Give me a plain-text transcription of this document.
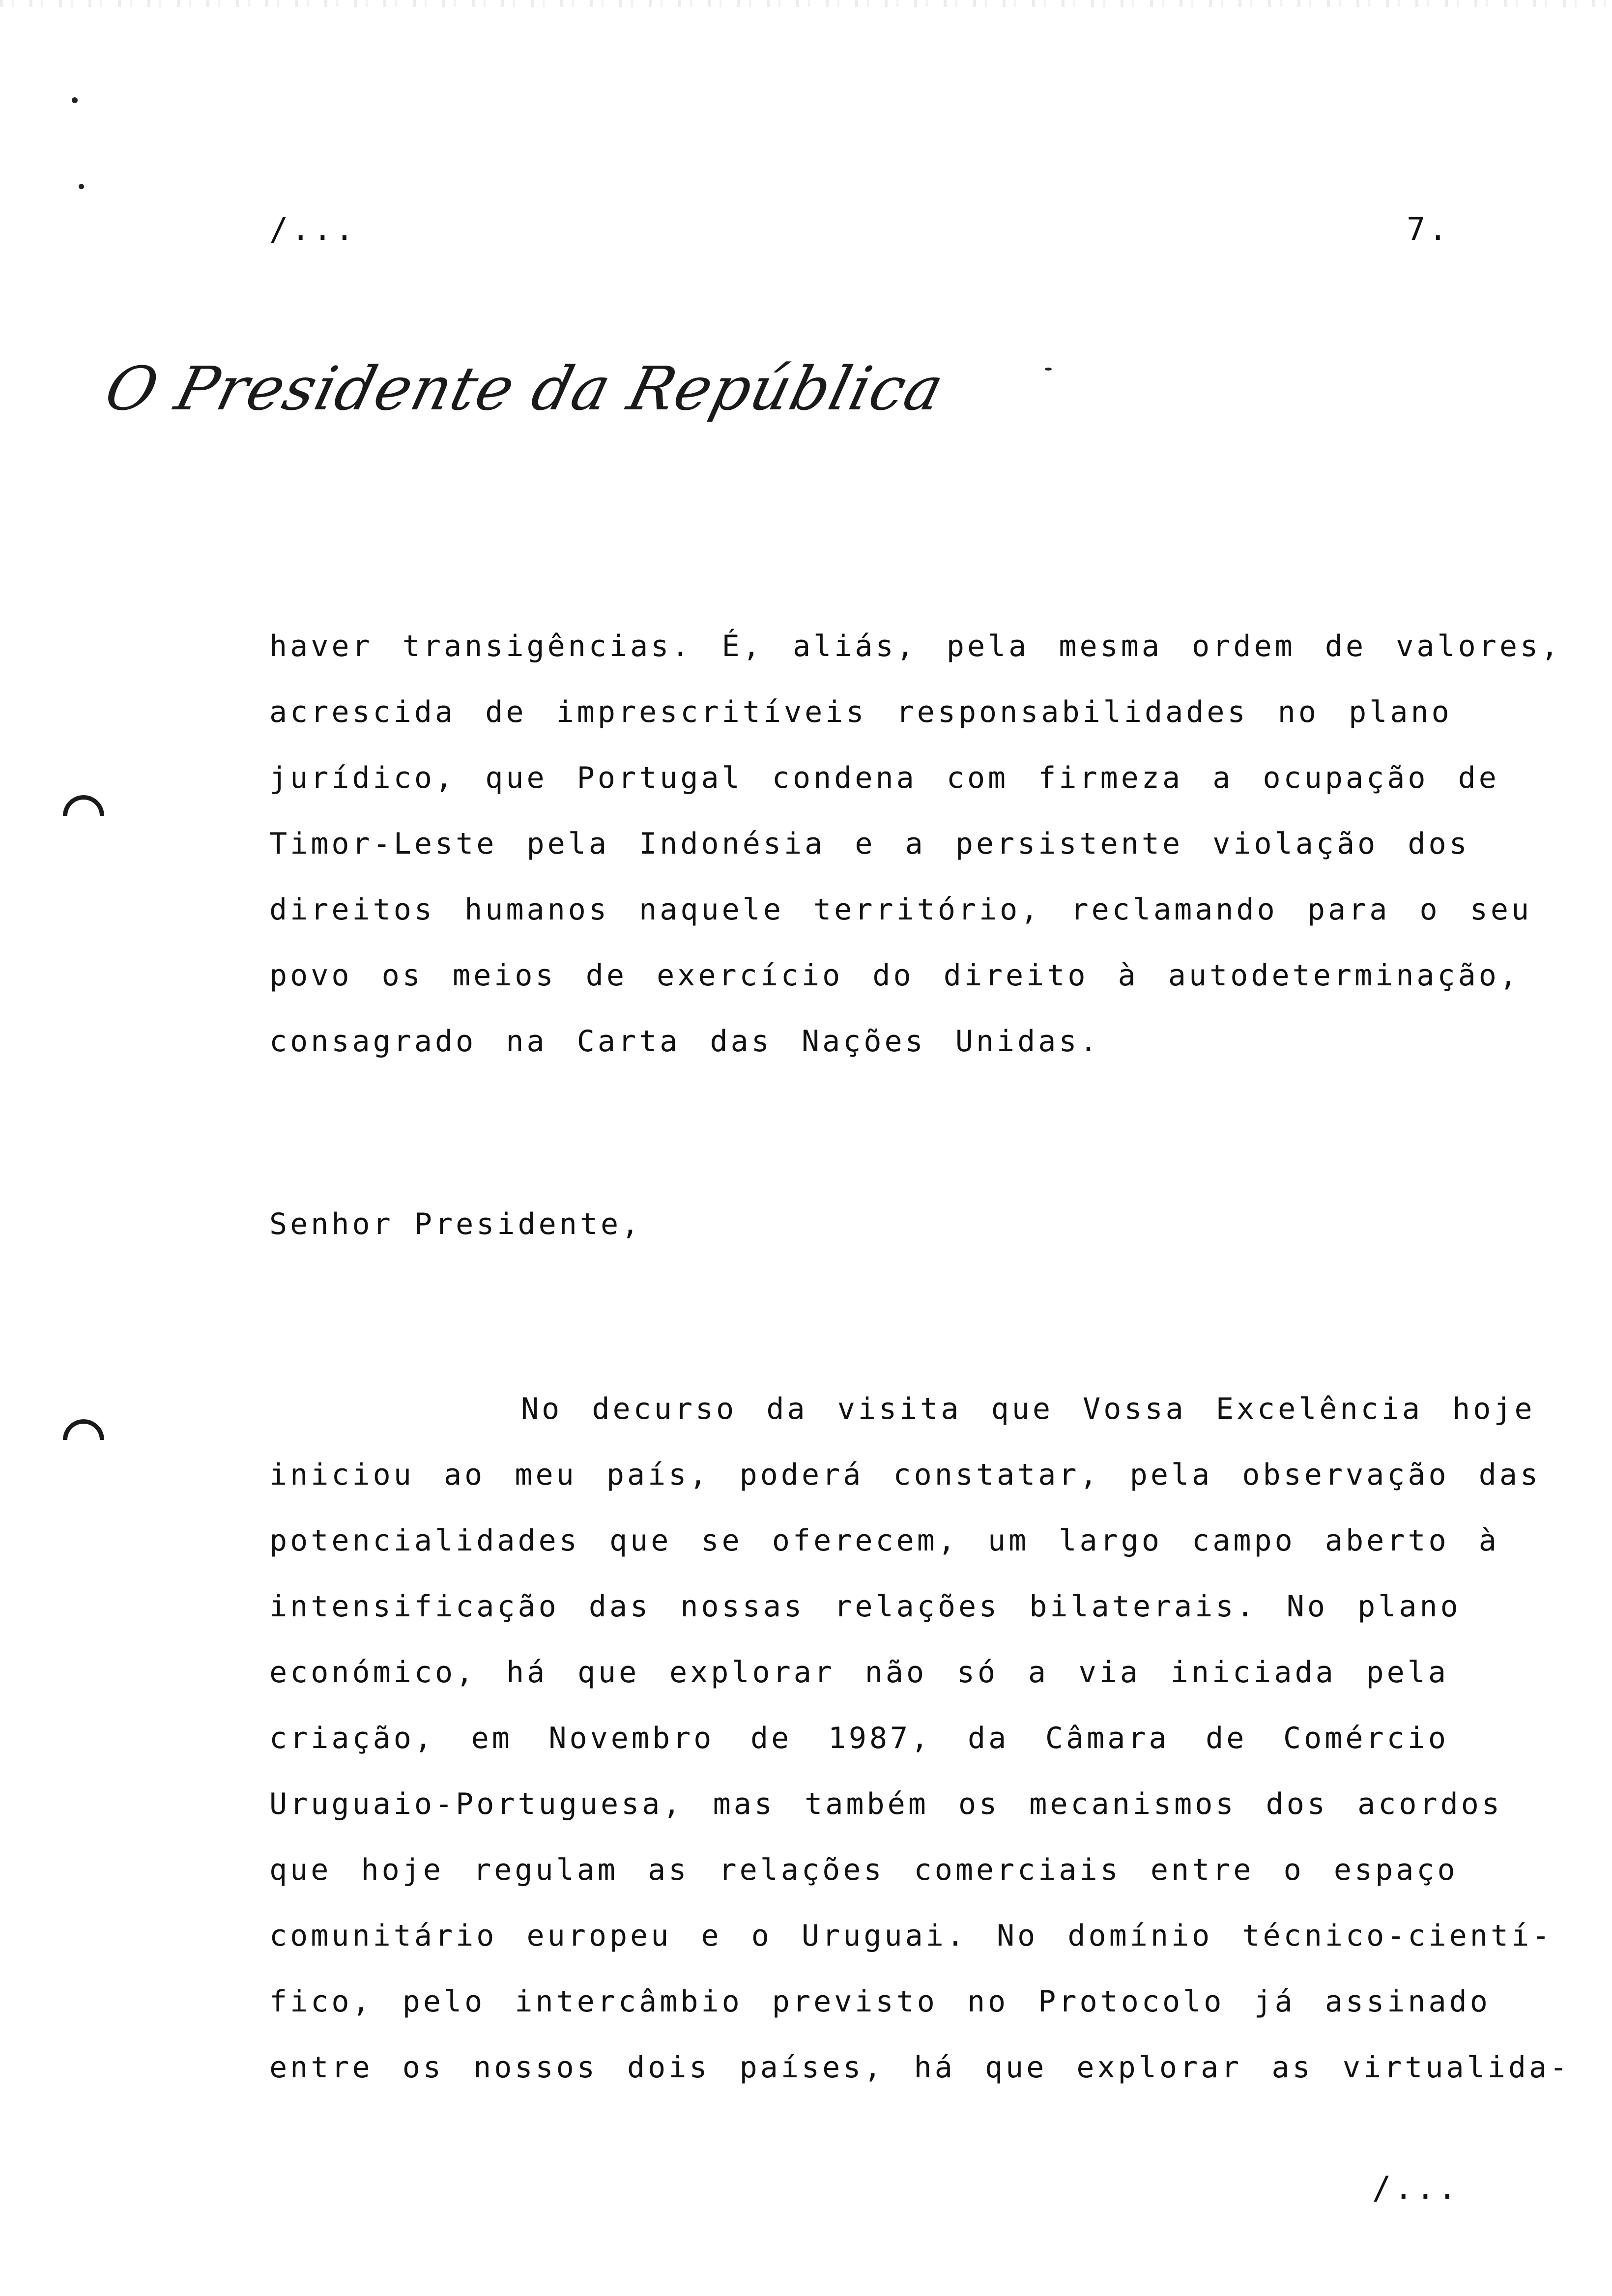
/...	7.
O Presidente da República
haver transigências. É, aliás, pela mesma ordem de valores,
acrescida de imprescritíveis responsabilidades no plano
jurídico, que Portugal condena com firmeza a ocupação de
Timor-Leste pela Indonésia e a persistente violação dos
direitos humanos naquele território, reclamando para o seu
povo os meios de exercício do direito à autodeterminação,
consagrado na Carta das Nações Unidas.
Senhor Presidente,
No decurso da visita que Vossa Excelência hoje
iniciou ao meu país, poderá constatar, pela observação das
potencialidades que se oferecem, um largo campo aberto à
intensificação das nossas relações bilaterais. No plano
económico, há que explorar não só a via iniciada pela
criação, em Novembro de 1987, da Câmara de Comércio
Uruguaio-Portuguesa, mas também os mecanismos dos acordos
que hoje regulam as relações comerciais entre o espaço
comunitário europeu e o Uruguai. No domínio técnico-cientí-
fico, pelo intercâmbio previsto no Protocolo já assinado
entre os nossos dois países, há que explorar as virtualida-
/...
